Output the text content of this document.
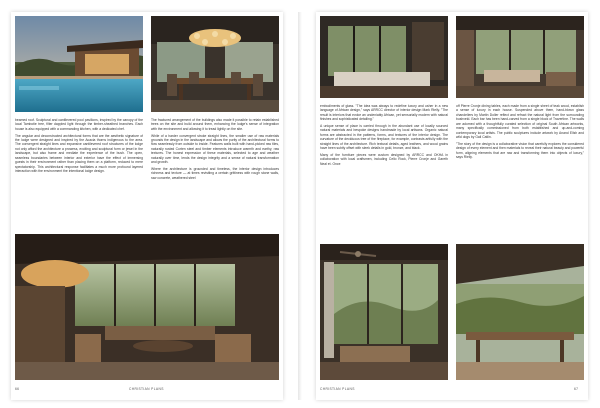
beamed roof. Sculptural and cantilevered pool pavilions, inspired by the canopy of the local Tambotie tree, filter dappled light through the timber-sheathed branches. Each house is also equipped with a commanding kitchen, with a dedicated chef.

The angular and deconstructed architectural forms that are the aesthetic signature of the lodge were designed and inspired by the Acacia thorns indigenous to the area. The convergent straight lines and expansive cantilevered roof structures of the lodge not only afford the architecture a prowess, exciting and sculptural form or jewel in the landscape, but also frame and mediate the experience of the bush. The open, seamless boundaries between interior and exterior have the effect of immersing guests in their environment rather than placing them on a platform, reduced to mere spectatorship. This architectural response facilitates a much more profound layered interaction with the environment the intentional lodge design.

The fractured arrangement of the buildings also made it possible to retain established trees on the site and build around them, enhancing the lodge's sense of integration with the environment and allowing it to tread lightly on the site.

While of a harder convergent stroke straight lines, the smaller use of raw materials grounds the design in the landscape and allows the purity of the architectural forms to flow seamlessly from outside to inside. Features walls built with hand-picked raw tiles, naturally rusted Corten steel and timber elements introduce warmth and earthy, raw textures. The honest expression of these materials, selected to age and weather naturally over time, lends the design integrity and a sense of natural transformation and growth.

Where the architecture is grounded and timeless, the interior design introduces richness and texture — at times revisiting a certain grittiness with rough stone walls, raw concrete, weathered steel

66	CHRISTIAN PLANS

embodiments of glass. "The idea was always to redefine luxury and usher in a new language of African design," says ARRCC director of interior design Mark Rielly. "The result is interiors that evoke an undeniably African, yet sensorially modern with natural finishes and sophisticated detailing."

A unique sense of place is carried through in the abundant use of locally sourced natural materials and bespoke designs handmade by local artisans. Organic natural forms are abstracted in the patterns, forms, and textures of the interior design. The curvature of the deciduous tree of the fireplace, for example, contrasts artfully with the straight lines of the architecture. Rich textural details, aged leathers, and wood grains have been subtly offset with sleek details in gold, bronze, and black.

Many of the furniture pieces were custom designed by ARRCC and OKHA in collaboration with local craftsmen, including Cello Rock, Pierre Cronje and Gareth Neal et. Once

off Pierre Cronje dining tables, each made from a single sheet of teak wood, establish a sense of luxury in each house. Suspended above them, hand-blown glass chandeliers by Martin Doller reflect and refract the natural light from the surrounding bushveld. Each bar has been hand-carved from a single block of Travertine. The walls are adorned with a thoughtfully curated selection of original South African artworks, many specifically commissioned from both established and up-and-coming contemporary local artists. The public sculptures include artwork by Anand Ellsh and wild dogs by Gail Catlin.

"The story of the design is a collaborative vision that carefully explores the considered design of every element and then materials to reveal their natural beauty and powerful form, aligning elements that are raw and transforming them into objects of luxury," says Rielly.

CHRISTIAN PLANS	67
